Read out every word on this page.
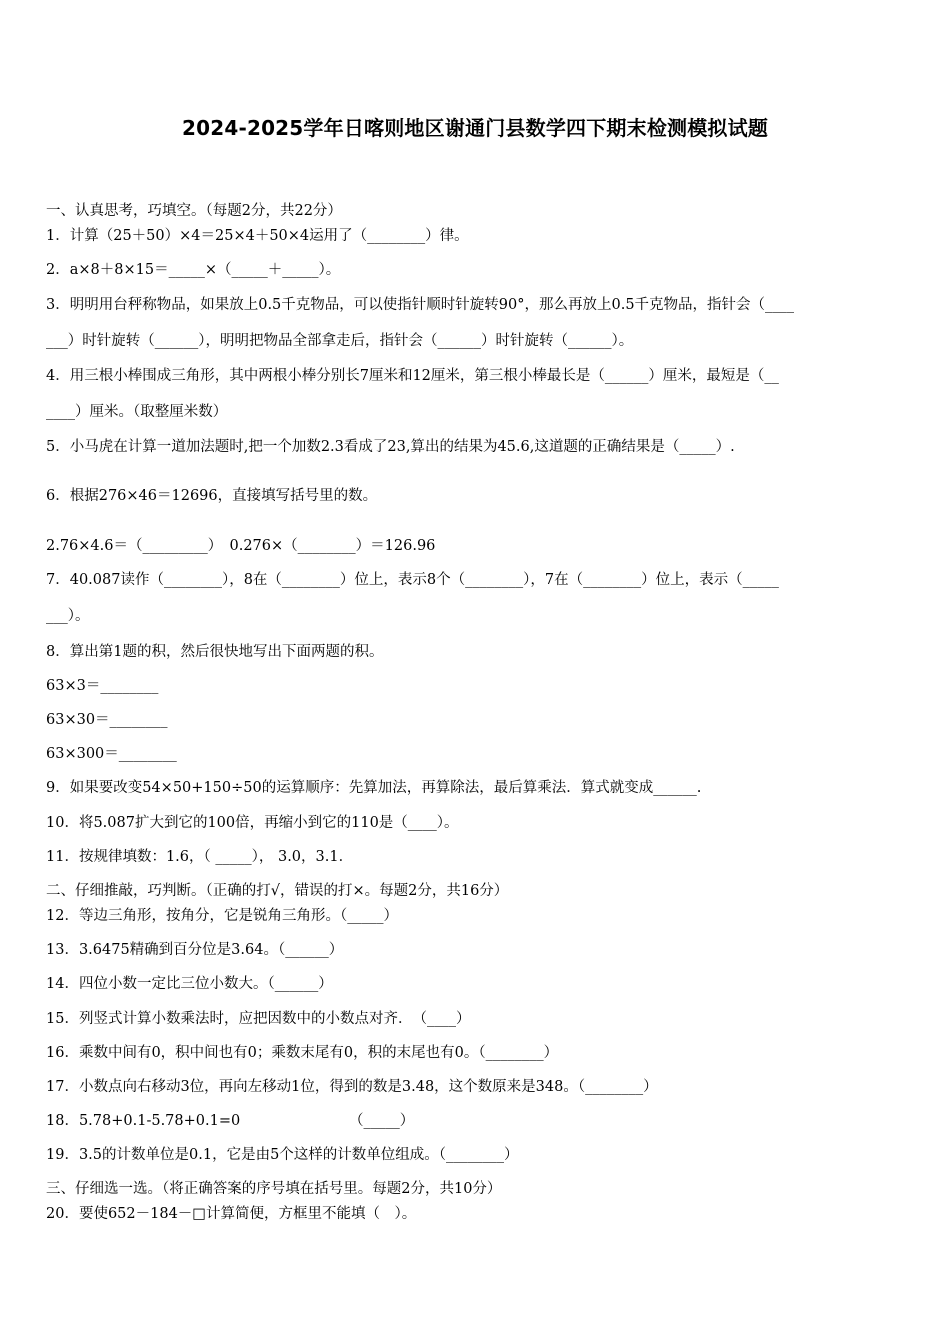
2024-2025学年日喀则地区谢通门县数学四下期末检测模拟试题
一、认真思考，巧填空。（每题2分，共22分）
1．计算（25＋50）×4＝25×4＋50×4运用了（________）律。
2．a×8＋8×15＝_____×（_____＋_____）。
3．明明用台秤称物品，如果放上0.5千克物品，可以使指针顺时针旋转90°，那么再放上0.5千克物品，指针会（____
___）时针旋转（______），明明把物品全部拿走后，指针会（______）时针旋转（______）。
4．用三根小棒围成三角形，其中两根小棒分别长7厘米和12厘米，第三根小棒最长是（______）厘米，最短是（__
____）厘米。（取整厘米数）
5．小马虎在计算一道加法题时,把一个加数2.3看成了23,算出的结果为45.6,这道题的正确结果是（_____）.
6．根据276×46＝12696，直接填写括号里的数。
2.76×4.6＝（_________）　0.276×（________）＝126.96
7．40.087读作（________），8在（________）位上，表示8个（________），7在（________）位上，表示（_____
___）。
8．算出第1题的积，然后很快地写出下面两题的积。
63×3＝________
63×30＝________
63×300＝________
9．如果要改变54×50+150÷50的运算顺序：先算加法，再算除法，最后算乘法．算式就变成______.
10．将5.087扩大到它的100倍，再缩小到它的110是（____）。
11．按规律填数：1.6，（ _____）， 3.0，3.1．
二、仔细推敲，巧判断。（正确的打√，错误的打×。每题2分，共16分）
12．等边三角形，按角分，它是锐角三角形。（_____）
13．3.6475精确到百分位是3.64。（______）
14．四位小数一定比三位小数大。（______）
15．列竖式计算小数乘法时，应把因数中的小数点对齐．　（____）
16．乘数中间有0，积中间也有0；乘数末尾有0，积的末尾也有0。（________）
17．小数点向右移动3位，再向左移动1位，得到的数是3.48，这个数原来是348。（________）
18．5.78+0.1-5.78+0.1=0　　　　　　　　（_____）
19．3.5的计数单位是0.1，它是由5个这样的计数单位组成。（________）
三、仔细选一选。（将正确答案的序号填在括号里。每题2分，共10分）
20．要使652－184－□计算简便，方框里不能填（　）。
